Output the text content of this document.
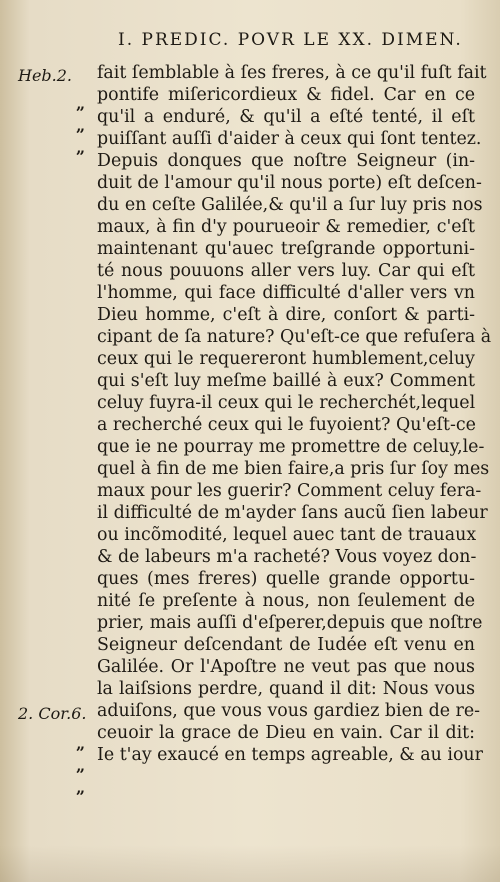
I. PREDIC. POVR LE XX. DIMEN.
Heb.2.
2. Cor.6.
„
„
„
„
„
„
fait ſemblable à ſes freres, à ce qu'il fuſt fait
pontife miſericordieux & fidel. Car en ce
qu'il a enduré, & qu'il a eſté tenté, il eſt
puiſſant auſſi d'aider à ceux qui ſont tentez.
Depuis donques que noſtre Seigneur (in-
duit de l'amour qu'il nous porte) eſt deſcen-
du en ceſte Galilée,& qu'il a ſur luy pris nos
maux, à fin d'y pourueoir & remedier, c'eſt
maintenant qu'auec treſgrande opportuni-
té nous pouuons aller vers luy. Car qui eſt
l'homme, qui face difficulté d'aller vers vn
Dieu homme, c'eſt à dire, conſort & parti-
cipant de ſa nature? Qu'eſt-ce que refuſera à
ceux qui le requereront humblement,celuy
qui s'eſt luy meſme baillé à eux? Comment
celuy fuyra-il ceux qui le recherchét,lequel
a recherché ceux qui le fuyoient? Qu'eſt-ce
que ie ne pourray me promettre de celuy,le-
quel à fin de me bien faire,a pris ſur ſoy mes
maux pour les guerir? Comment celuy fera-
il difficulté de m'ayder ſans aucũ ſien labeur
ou incõmodité, lequel auec tant de trauaux
& de labeurs m'a racheté? Vous voyez don-
ques (mes freres) quelle grande opportu-
nité ſe preſente à nous, non ſeulement de
prier, mais auſſi d'eſperer,depuis que noſtre
Seigneur deſcendant de Iudée eſt venu en
Galilée. Or l'Apoſtre ne veut pas que nous
la laiſsions perdre, quand il dit: Nous vous
aduiſons, que vous vous gardiez bien de re-
ceuoir la grace de Dieu en vain. Car il dit:
Ie t'ay exaucé en temps agreable, & au iour
